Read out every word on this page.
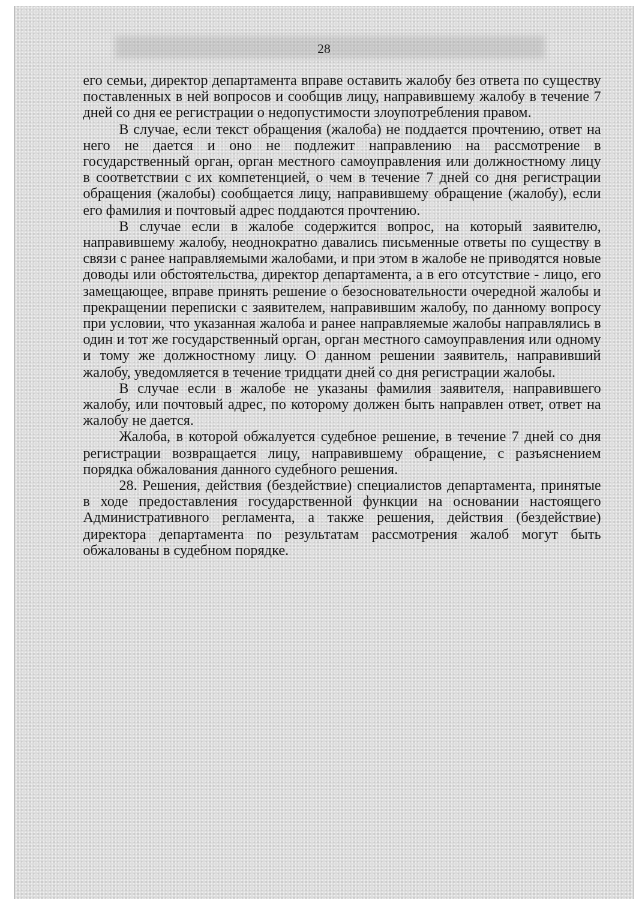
28

его семьи, директор департамента вправе оставить жалобу без ответа по существу поставленных в ней вопросов и сообщив лицу, направившему жалобу в течение 7 дней со дня ее регистрации о недопустимости злоупотребления правом.

В случае, если текст обращения (жалоба) не поддается прочтению, ответ на него не дается и оно не подлежит направлению на рассмотрение в государственный орган, орган местного самоуправления или должностному лицу в соответствии с их компетенцией, о чем в течение 7 дней со дня регистрации обращения (жалобы) сообщается лицу, направившему обращение (жалобу), если его фамилия и почтовый адрес поддаются прочтению.

В случае если в жалобе содержится вопрос, на который заявителю, направившему жалобу, неоднократно давались письменные ответы по существу в связи с ранее направляемыми жалобами, и при этом в жалобе не приводятся новые доводы или обстоятельства, директор департамента, а в его отсутствие - лицо, его замещающее, вправе принять решение о безосновательности очередной жалобы и прекращении переписки с заявителем, направившим жалобу, по данному вопросу при условии, что указанная жалоба и ранее направляемые жалобы направлялись в один и тот же государственный орган, орган местного самоуправления или одному и тому же должностному лицу. О данном решении заявитель, направивший жалобу, уведомляется в течение тридцати дней со дня регистрации жалобы.

В случае если в жалобе не указаны фамилия заявителя, направившего жалобу, или почтовый адрес, по которому должен быть направлен ответ, ответ на жалобу не дается.

Жалоба, в которой обжалуется судебное решение, в течение 7 дней со дня регистрации возвращается лицу, направившему обращение, с разъяснением порядка обжалования данного судебного решения.

28. Решения, действия (бездействие) специалистов департамента, принятые в ходе предоставления государственной функции на основании настоящего Административного регламента, а также решения, действия (бездействие) директора департамента по результатам рассмотрения жалоб могут быть обжалованы в судебном порядке.
